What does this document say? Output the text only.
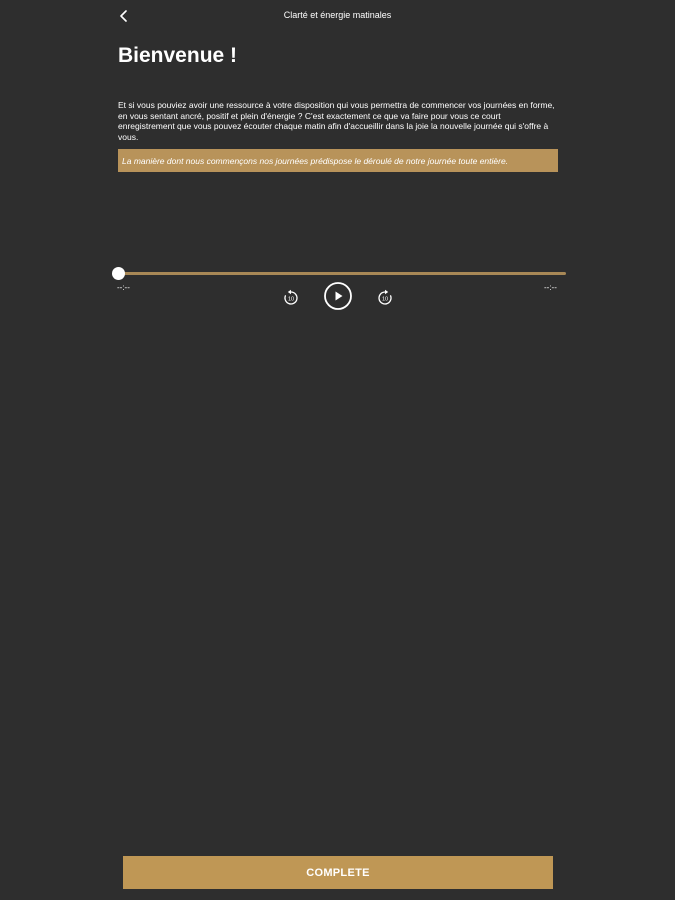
Clarté et énergie matinales
Bienvenue !

Et si vous pouviez avoir une ressource à votre disposition qui vous permettra de commencer vos journées en forme, en vous sentant ancré, positif et plein d'énergie ? C'est exactement ce que va faire pour vous ce court enregistrement que vous pouvez écouter chaque matin afin d'accueillir dans la joie la nouvelle journée qui s'offre à vous.

La manière dont nous commençons nos journées prédispose le déroulé de notre journée toute entière.
--:--	--:--
10	10
COMPLETE
